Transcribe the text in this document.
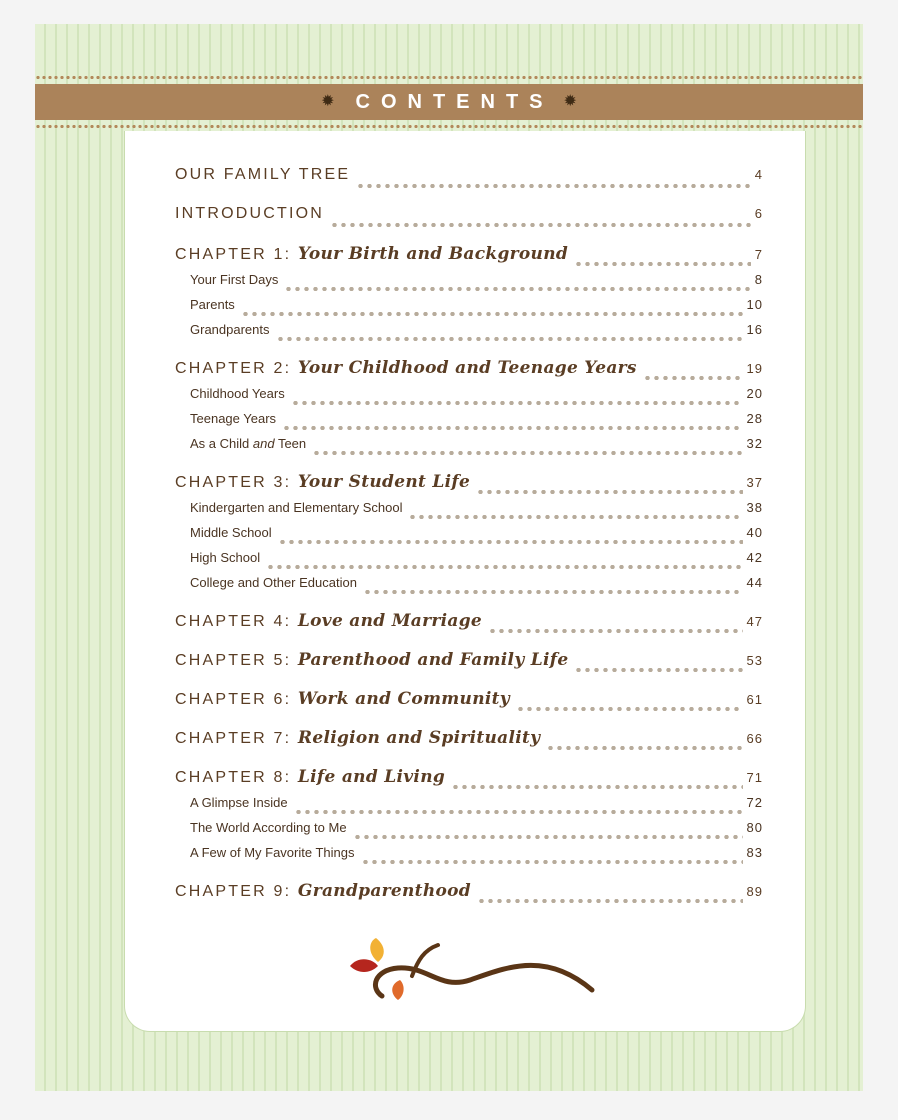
✹	CONTENTS ✹
OUR FAMILY TREE	4
INTRODUCTION	6
CHAPTER 1: Your Birth and Background	7
Your First Days	8
Parents	10
Grandparents	16
CHAPTER 2: Your Childhood and Teenage Years	19
Childhood Years	20
Teenage Years	28
As a Child and Teen	32
CHAPTER 3: Your Student Life	37
Kindergarten and Elementary School	38
Middle School	40
High School	42
College and Other Education	44
CHAPTER 4: Love and Marriage	47
CHAPTER 5: Parenthood and Family Life	53
CHAPTER 6: Work and Community	61
CHAPTER 7: Religion and Spirituality	66
CHAPTER 8: Life and Living	71
A Glimpse Inside	72
The World According to Me	80
A Few of My Favorite Things	83
CHAPTER 9: Grandparenthood	89
